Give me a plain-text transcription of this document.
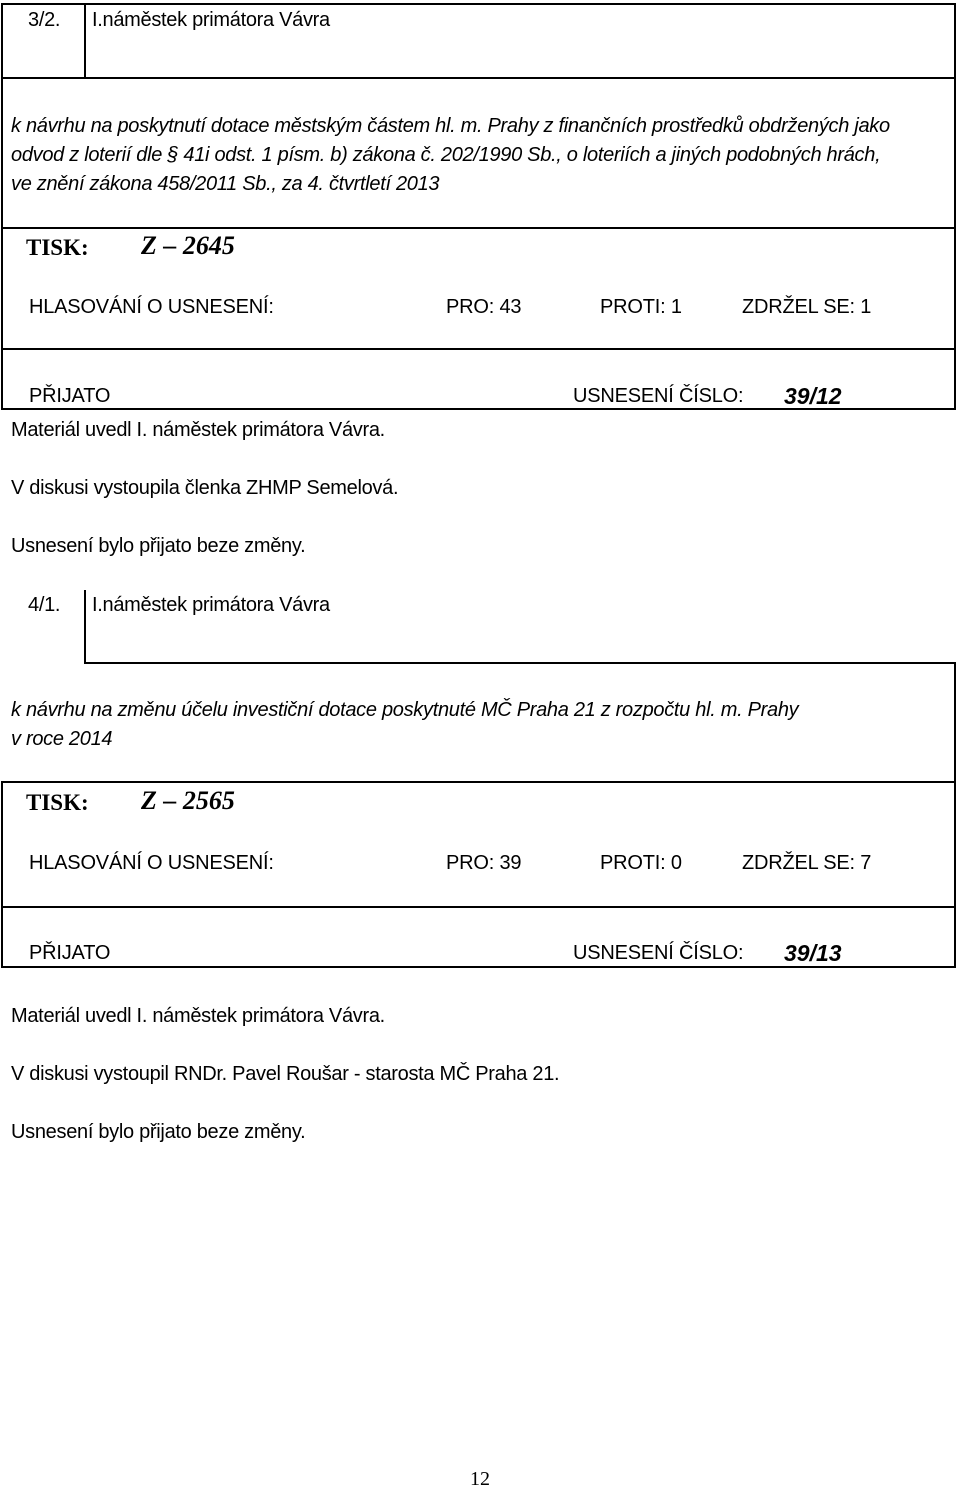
3/2. I.náměstek primátora Vávra
k návrhu na poskytnutí dotace městským částem hl. m. Prahy z finančních prostředků obdržených jako
odvod z loterií dle § 41i odst. 1 písm. b) zákona č. 202/1990 Sb., o loteriích a jiných podobných hrách,
ve znění zákona 458/2011 Sb., za 4. čtvrtletí 2013
TISK: Z – 2645
HLASOVÁNÍ O USNESENÍ:	PRO: 43	PROTI: 1	ZDRŽEL SE: 1
PŘIJATO	USNESENÍ ČÍSLO: 39/12
Materiál uvedl I. náměstek primátora Vávra.
V diskusi vystoupila členka ZHMP Semelová.
Usnesení bylo přijato beze změny.
4/1. I.náměstek primátora Vávra
k návrhu na změnu účelu investiční dotace poskytnuté MČ Praha 21 z rozpočtu hl. m. Prahy
v roce 2014
TISK: Z – 2565
HLASOVÁNÍ O USNESENÍ:	PRO: 39	PROTI: 0	ZDRŽEL SE: 7
PŘIJATO	USNESENÍ ČÍSLO: 39/13
Materiál uvedl I. náměstek primátora Vávra.
V diskusi vystoupil RNDr. Pavel Roušar - starosta MČ Praha 21.
Usnesení bylo přijato beze změny.
12
